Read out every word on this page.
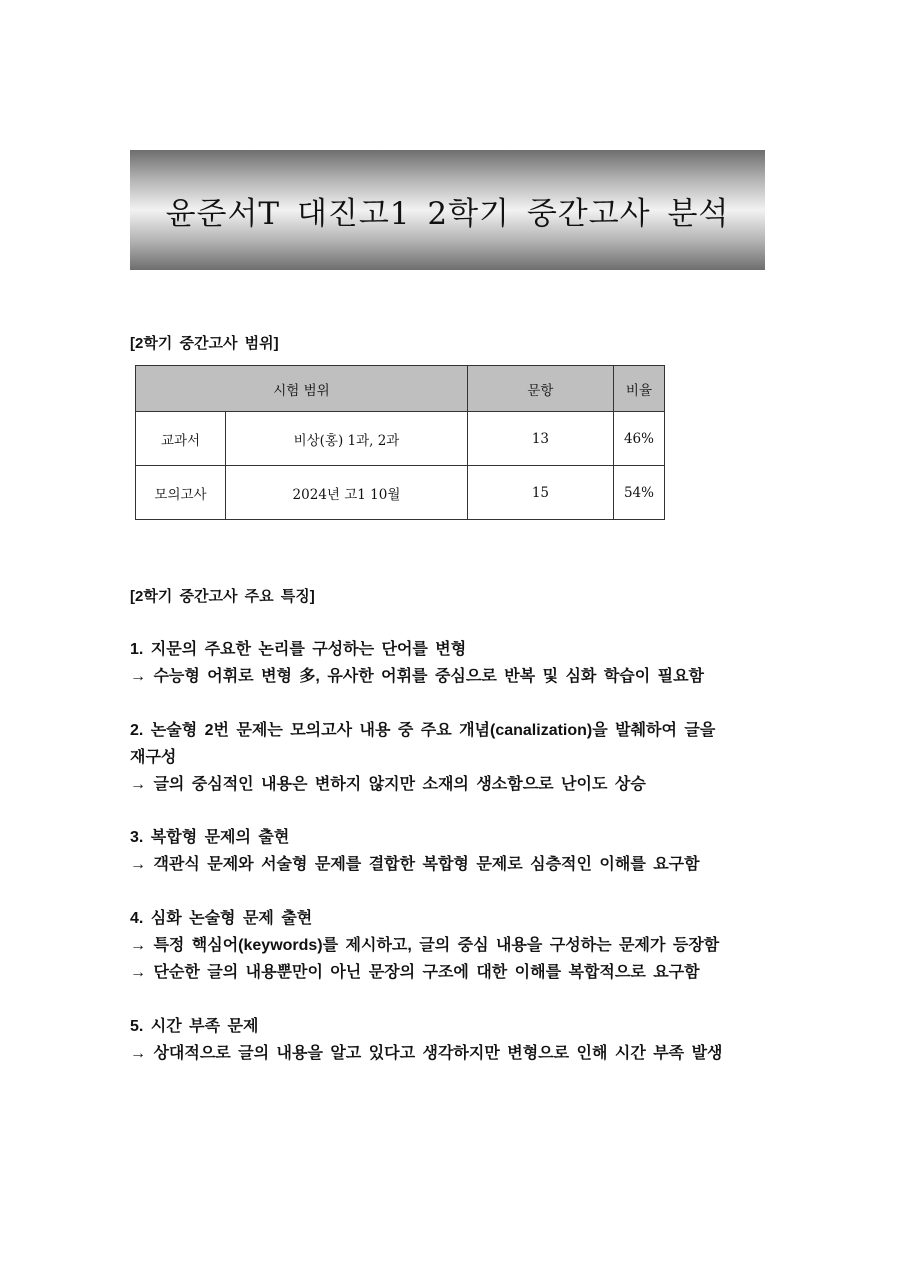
윤준서T 대진고1 2학기 중간고사 분석
[2학기 중간고사 범위]
시험 범위		문항	비율
교과서	비상(홍) 1과, 2과	13	46%
모의고사	2024년 고1 10월	15	54%
[2학기 중간고사 주요 특징]
1. 지문의 주요한 논리를 구성하는 단어를 변형
→ 수능형 어휘로 변형 多, 유사한 어휘를 중심으로 반복 및 심화 학습이 필요함
2. 논술형 2번 문제는 모의고사 내용 중 주요 개념(canalization)을 발췌하여 글을
재구성
→ 글의 중심적인 내용은 변하지 않지만 소재의 생소함으로 난이도 상승
3. 복합형 문제의 출현
→ 객관식 문제와 서술형 문제를 결합한 복합형 문제로 심층적인 이해를 요구함
4. 심화 논술형 문제 출현
→ 특정 핵심어(keywords)를 제시하고, 글의 중심 내용을 구성하는 문제가 등장함
→ 단순한 글의 내용뿐만이 아닌 문장의 구조에 대한 이해를 복합적으로 요구함
5. 시간 부족 문제
→ 상대적으로 글의 내용을 알고 있다고 생각하지만 변형으로 인해 시간 부족 발생
